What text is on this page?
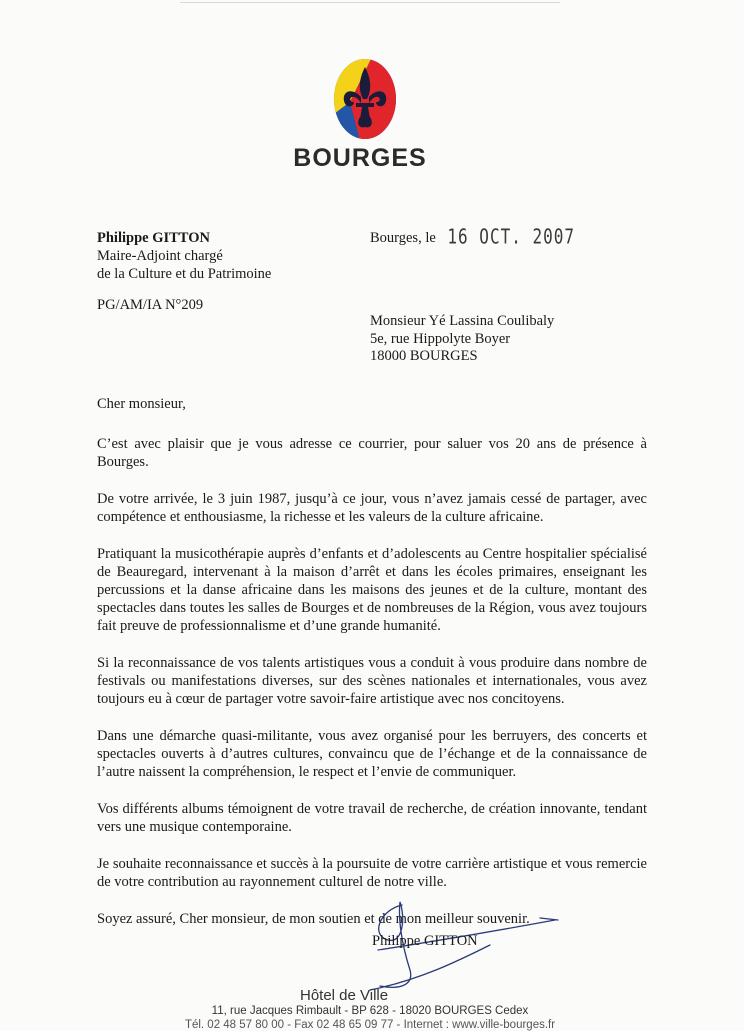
BOURGES
Philippe GITTON
Maire-Adjoint chargé
de la Culture et du Patrimoine
PG/AM/IA N°209
Bourges, le 16 OCT. 2007
Monsieur Yé Lassina Coulibaly
5e, rue Hippolyte Boyer
18000 BOURGES

Cher monsieur,

C’est avec plaisir que je vous adresse ce courrier, pour saluer vos 20 ans de présence à Bourges.

De votre arrivée, le 3 juin 1987, jusqu’à ce jour, vous n’avez jamais cessé de partager, avec compétence et enthousiasme, la richesse et les valeurs de la culture africaine.

Pratiquant la musicothérapie auprès d’enfants et d’adolescents au Centre hospitalier spécialisé de Beauregard, intervenant à la maison d’arrêt et dans les écoles primaires, enseignant les percussions et la danse africaine dans les maisons des jeunes et de la culture, montant des spectacles dans toutes les salles de Bourges et de nombreuses de la Région, vous avez toujours fait preuve de professionnalisme et d’une grande humanité.

Si la reconnaissance de vos talents artistiques vous a conduit à vous produire dans nombre de festivals ou manifestations diverses, sur des scènes nationales et internationales, vous avez toujours eu à cœur de partager votre savoir-faire artistique avec nos concitoyens.

Dans une démarche quasi-militante, vous avez organisé pour les berruyers, des concerts et spectacles ouverts à d’autres cultures, convaincu que de l’échange et de la connaissance de l’autre naissent la compréhension, le respect et l’envie de communiquer.

Vos différents albums témoignent de votre travail de recherche, de création innovante, tendant vers une musique contemporaine.

Je souhaite reconnaissance et succès à la poursuite de votre carrière artistique et vous remercie de votre contribution au rayonnement culturel de notre ville.

Soyez assuré, Cher monsieur, de mon soutien et de mon meilleur souvenir.

Philippe GITTON
Hôtel de Ville
11, rue Jacques Rimbault - BP 628 - 18020 BOURGES Cedex
Tél. 02 48 57 80 00 - Fax 02 48 65 09 77 - Internet : www.ville-bourges.fr
